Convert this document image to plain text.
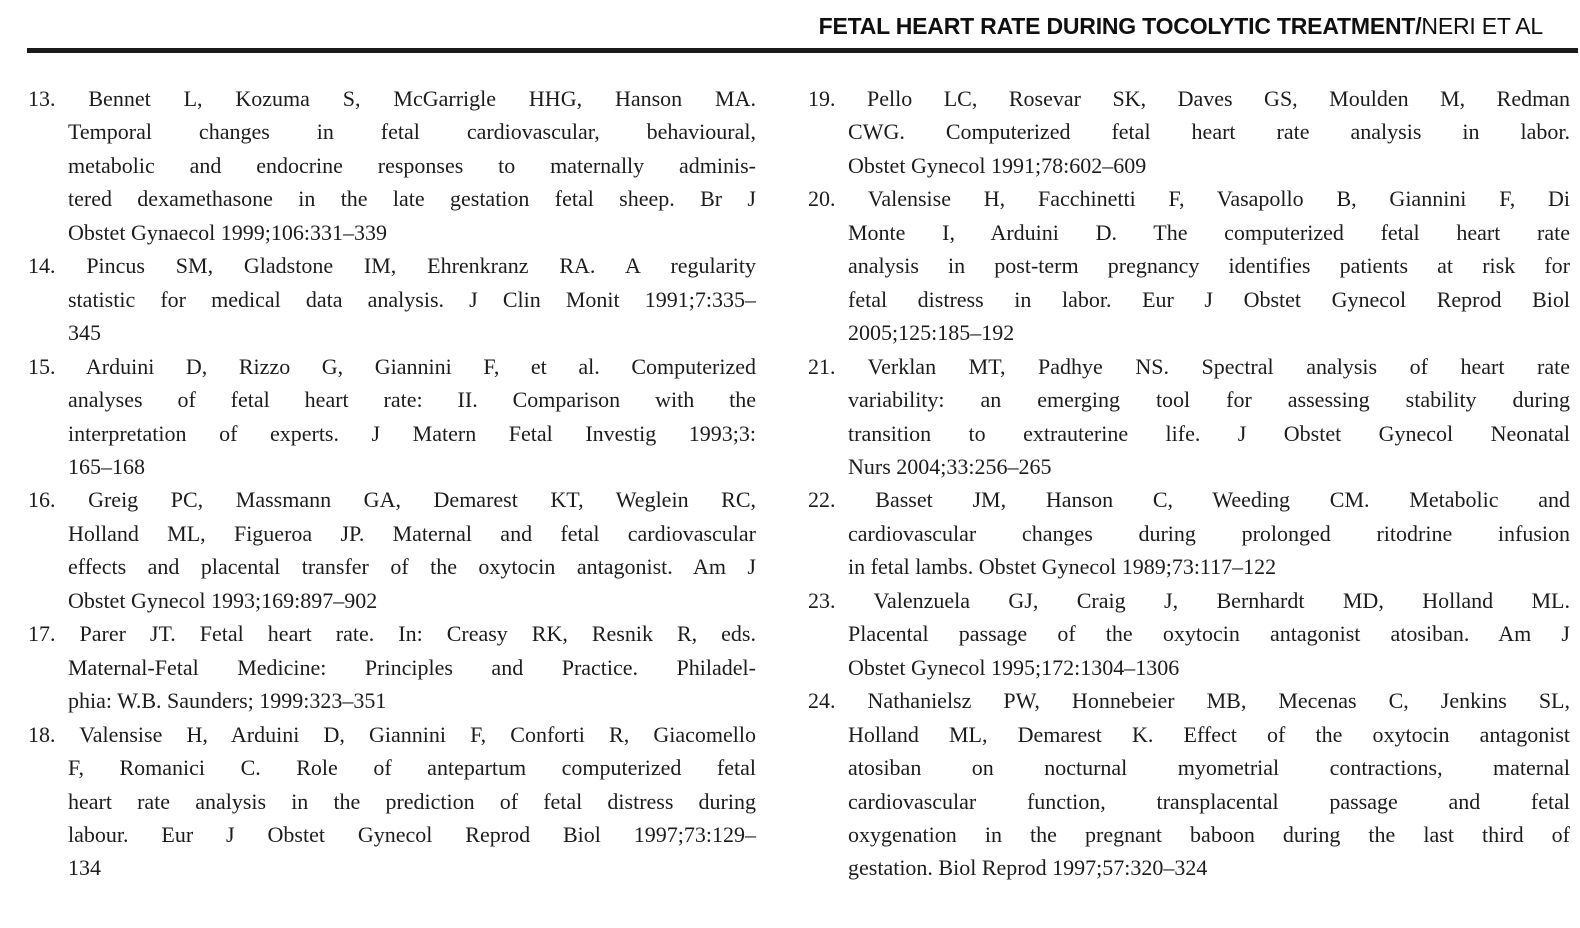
FETAL HEART RATE DURING TOCOLYTIC TREATMENT/NERI ET AL
13. Bennet L, Kozuma S, McGarrigle HHG, Hanson MA.
Temporal changes in fetal cardiovascular, behavioural,
metabolic and endocrine responses to maternally adminis-
tered dexamethasone in the late gestation fetal sheep. Br J
Obstet Gynaecol 1999;106:331–339
14. Pincus SM, Gladstone IM, Ehrenkranz RA. A regularity
statistic for medical data analysis. J Clin Monit 1991;7:335–
345
15. Arduini D, Rizzo G, Giannini F, et al. Computerized
analyses of fetal heart rate: II. Comparison with the
interpretation of experts. J Matern Fetal Investig 1993;3:
165–168
16. Greig PC, Massmann GA, Demarest KT, Weglein RC,
Holland ML, Figueroa JP. Maternal and fetal cardiovascular
effects and placental transfer of the oxytocin antagonist. Am J
Obstet Gynecol 1993;169:897–902
17. Parer JT. Fetal heart rate. In: Creasy RK, Resnik R, eds.
Maternal-Fetal Medicine: Principles and Practice. Philadel-
phia: W.B. Saunders; 1999:323–351
18. Valensise H, Arduini D, Giannini F, Conforti R, Giacomello
F, Romanici C. Role of antepartum computerized fetal
heart rate analysis in the prediction of fetal distress during
labour. Eur J Obstet Gynecol Reprod Biol 1997;73:129–
134
19. Pello LC, Rosevar SK, Daves GS, Moulden M, Redman
CWG. Computerized fetal heart rate analysis in labor.
Obstet Gynecol 1991;78:602–609
20. Valensise H, Facchinetti F, Vasapollo B, Giannini F, Di
Monte I, Arduini D. The computerized fetal heart rate
analysis in post-term pregnancy identifies patients at risk for
fetal distress in labor. Eur J Obstet Gynecol Reprod Biol
2005;125:185–192
21. Verklan MT, Padhye NS. Spectral analysis of heart rate
variability: an emerging tool for assessing stability during
transition to extrauterine life. J Obstet Gynecol Neonatal
Nurs 2004;33:256–265
22. Basset JM, Hanson C, Weeding CM. Metabolic and
cardiovascular changes during prolonged ritodrine infusion
in fetal lambs. Obstet Gynecol 1989;73:117–122
23. Valenzuela GJ, Craig J, Bernhardt MD, Holland ML.
Placental passage of the oxytocin antagonist atosiban. Am J
Obstet Gynecol 1995;172:1304–1306
24. Nathanielsz PW, Honnebeier MB, Mecenas C, Jenkins SL,
Holland ML, Demarest K. Effect of the oxytocin antagonist
atosiban on nocturnal myometrial contractions, maternal
cardiovascular function, transplacental passage and fetal
oxygenation in the pregnant baboon during the last third of
gestation. Biol Reprod 1997;57:320–324
